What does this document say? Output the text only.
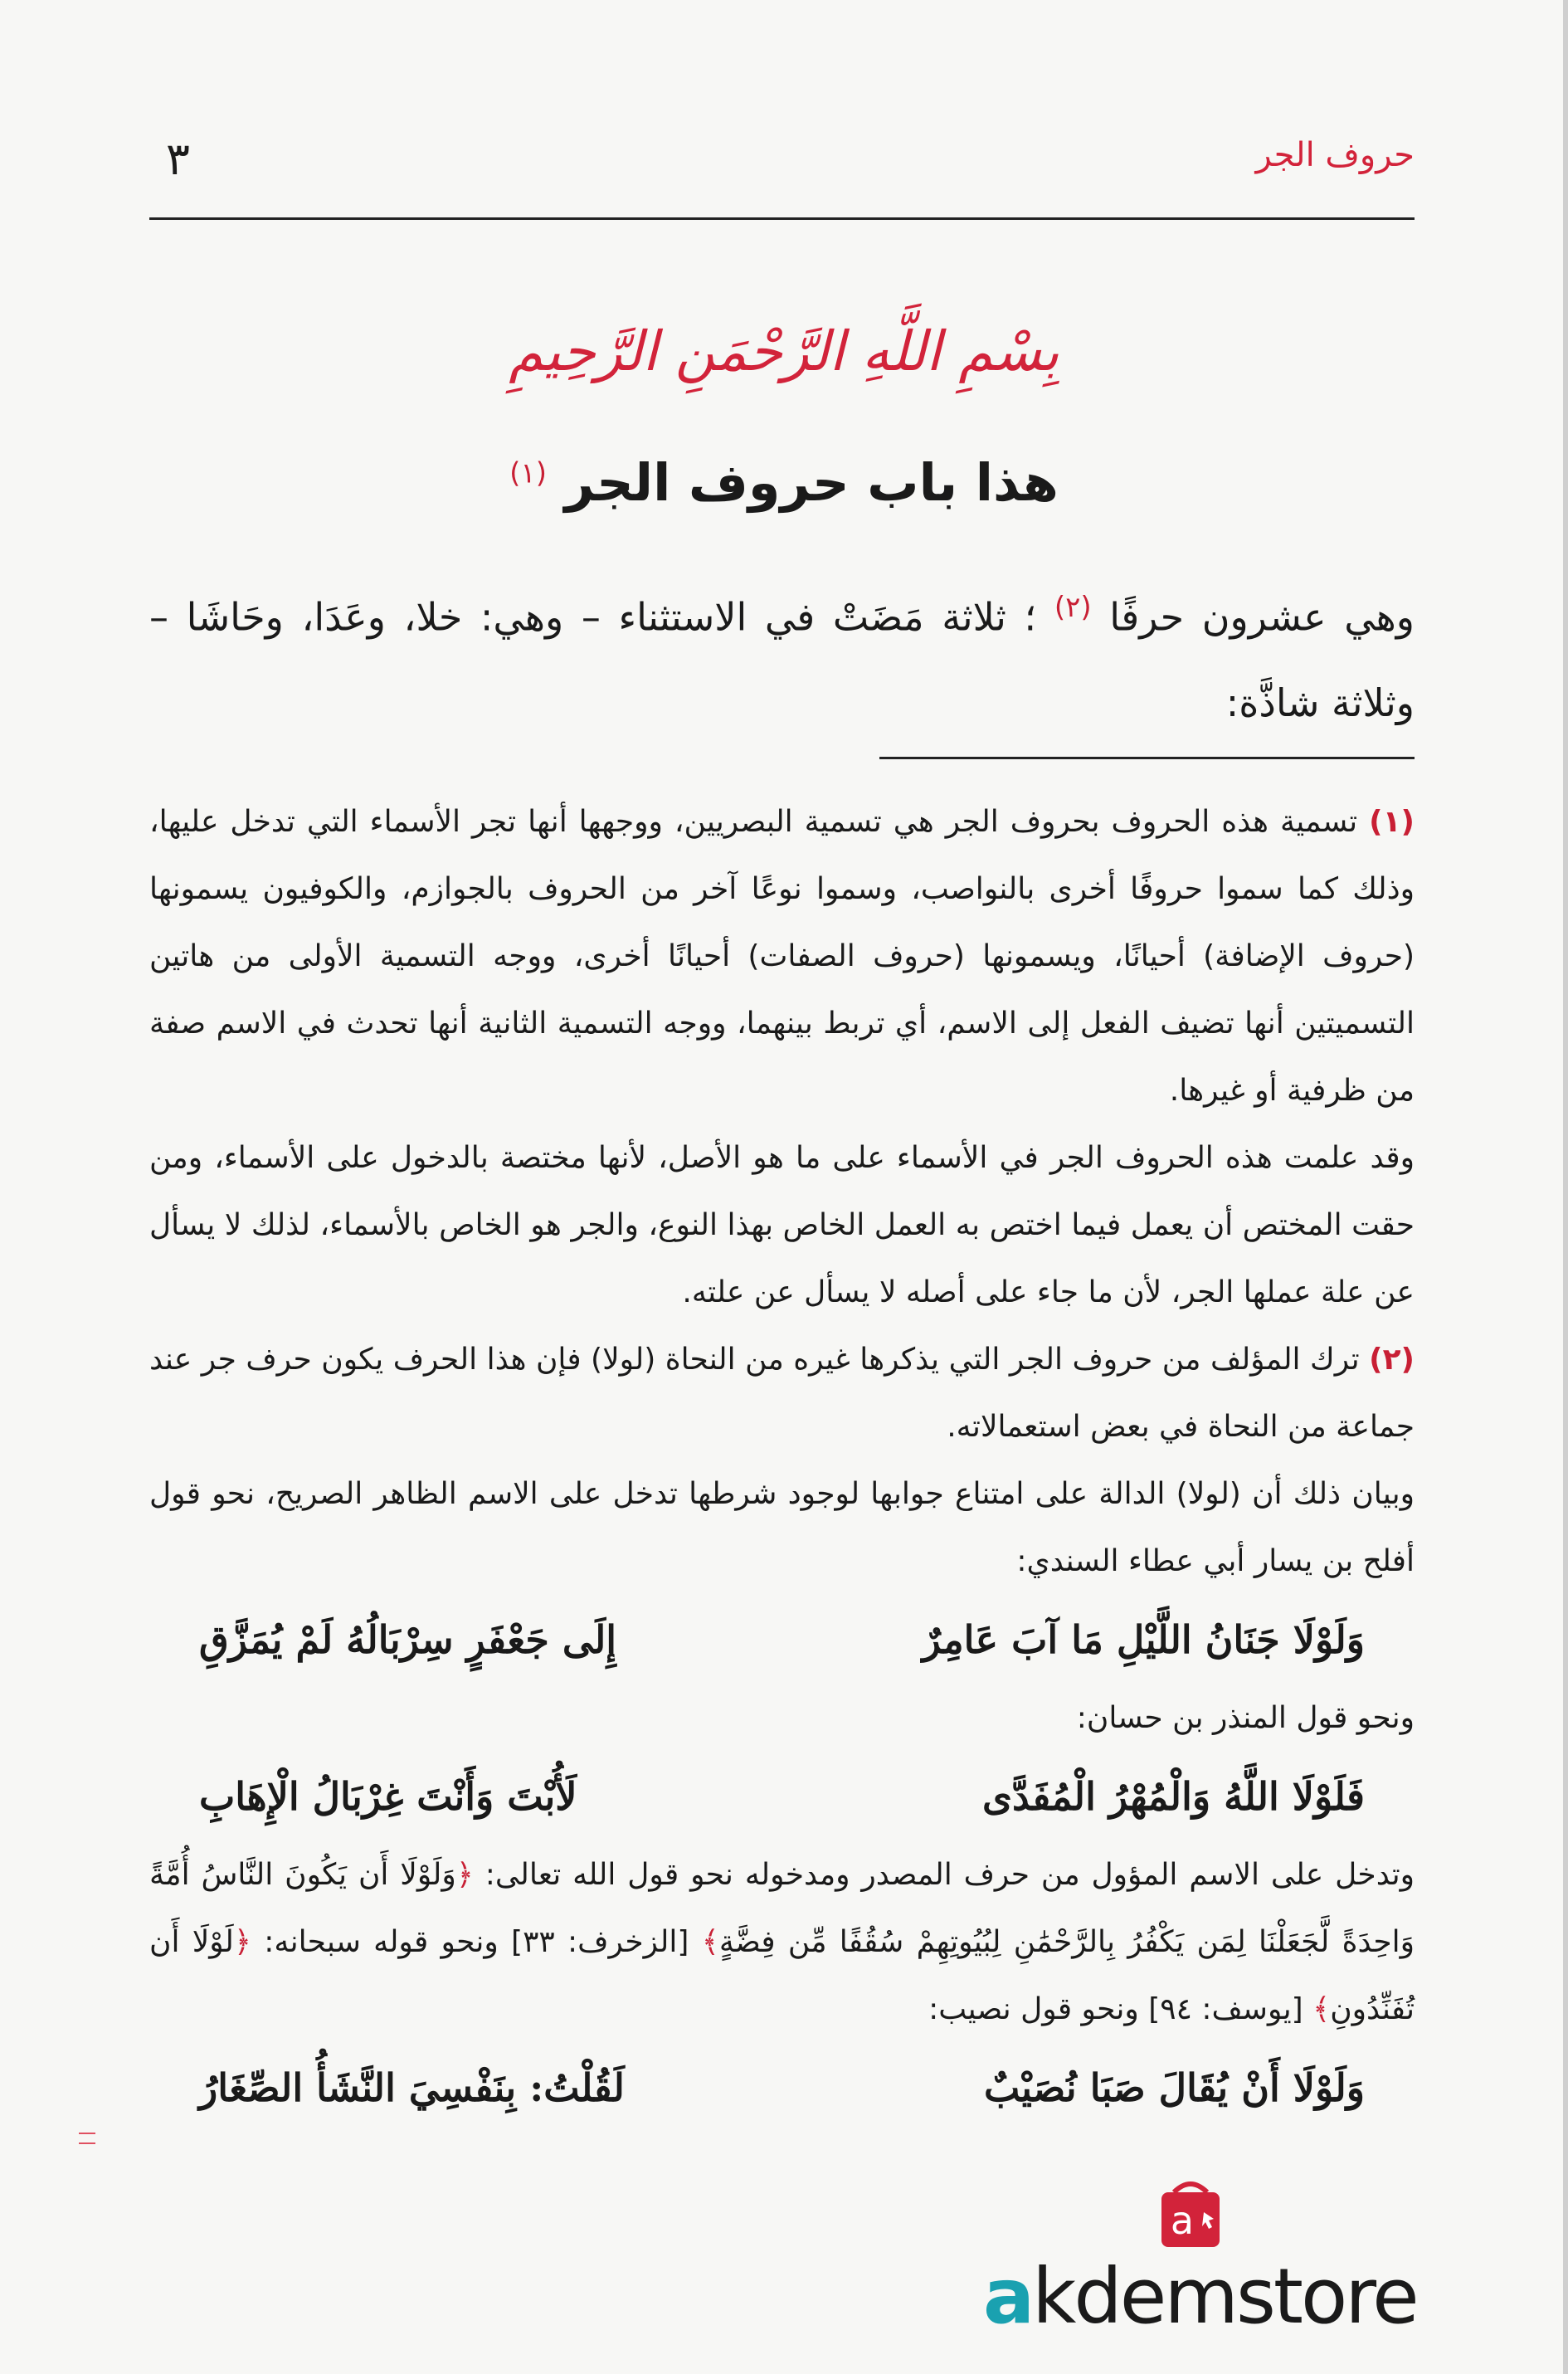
٣	حروف الجر
بِسْمِ اللَّهِ الرَّحْمَنِ الرَّحِيمِ
هذا باب حروف الجر $^{(١)}$
وهي عشرون حرفًا $^{(٢)}$ ؛ ثلاثة مَضَتْ في الاستثناء – وهي: خلا، وعَدَا، وحَاشَا – وثلاثة شاذَّة:

(١) تسمية هذه الحروف بحروف الجر هي تسمية البصريين، ووجهها أنها تجر الأسماء التي تدخل عليها، وذلك كما سموا حروفًا أخرى بالنواصب، وسموا نوعًا آخر من الحروف بالجوازم، والكوفيون يسمونها (حروف الإضافة) أحيانًا، ويسمونها (حروف الصفات) أحيانًا أخرى، ووجه التسمية الأولى من هاتين التسميتين أنها تضيف الفعل إلى الاسم، أي تربط بينهما، ووجه التسمية الثانية أنها تحدث في الاسم صفة من ظرفية أو غيرها.

وقد علمت هذه الحروف الجر في الأسماء على ما هو الأصل، لأنها مختصة بالدخول على الأسماء، ومن حقت المختص أن يعمل فيما اختص به العمل الخاص بهذا النوع، والجر هو الخاص بالأسماء، لذلك لا يسأل عن علة عملها الجر، لأن ما جاء على أصله لا يسأل عن علته.

(٢) ترك المؤلف من حروف الجر التي يذكرها غيره من النحاة (لولا) فإن هذا الحرف يكون حرف جر عند جماعة من النحاة في بعض استعمالاته.

وبيان ذلك أن (لولا) الدالة على امتناع جوابها لوجود شرطها تدخل على الاسم الظاهر الصريح، نحو قول أفلح بن يسار أبي عطاء السندي:

وَلَوْلَا جَنَانُ اللَّيْلِ مَا آبَ عَامِرٌ
إِلَى جَعْفَرٍ سِرْبَالُهُ لَمْ يُمَزَّقِ

ونحو قول المنذر بن حسان:

فَلَوْلَا اللَّهُ وَالْمُهْرُ الْمُفَدَّى
لَأُبْتَ وَأَنْتَ غِرْبَالُ الْإِهَابِ

وتدخل على الاسم المؤول من حرف المصدر ومدخوله نحو قول الله تعالى: ﴿وَلَوْلَا أَن يَكُونَ النَّاسُ أُمَّةً وَاحِدَةً لَّجَعَلْنَا لِمَن يَكْفُرُ بِالرَّحْمَٰنِ لِبُيُوتِهِمْ سُقُفًا مِّن فِضَّةٍ﴾ [الزخرف: ٣٣] ونحو قوله سبحانه: ﴿لَوْلَا أَن تُفَنِّدُونِ﴾ [يوسف: ٩٤] ونحو قول نصيب:

وَلَوْلَا أَنْ يُقَالَ صَبَا نُصَيْبٌ
لَقُلْتُ: بِنَفْسِيَ النَّشَأُ الصِّغَارُ
a
akdemstore
